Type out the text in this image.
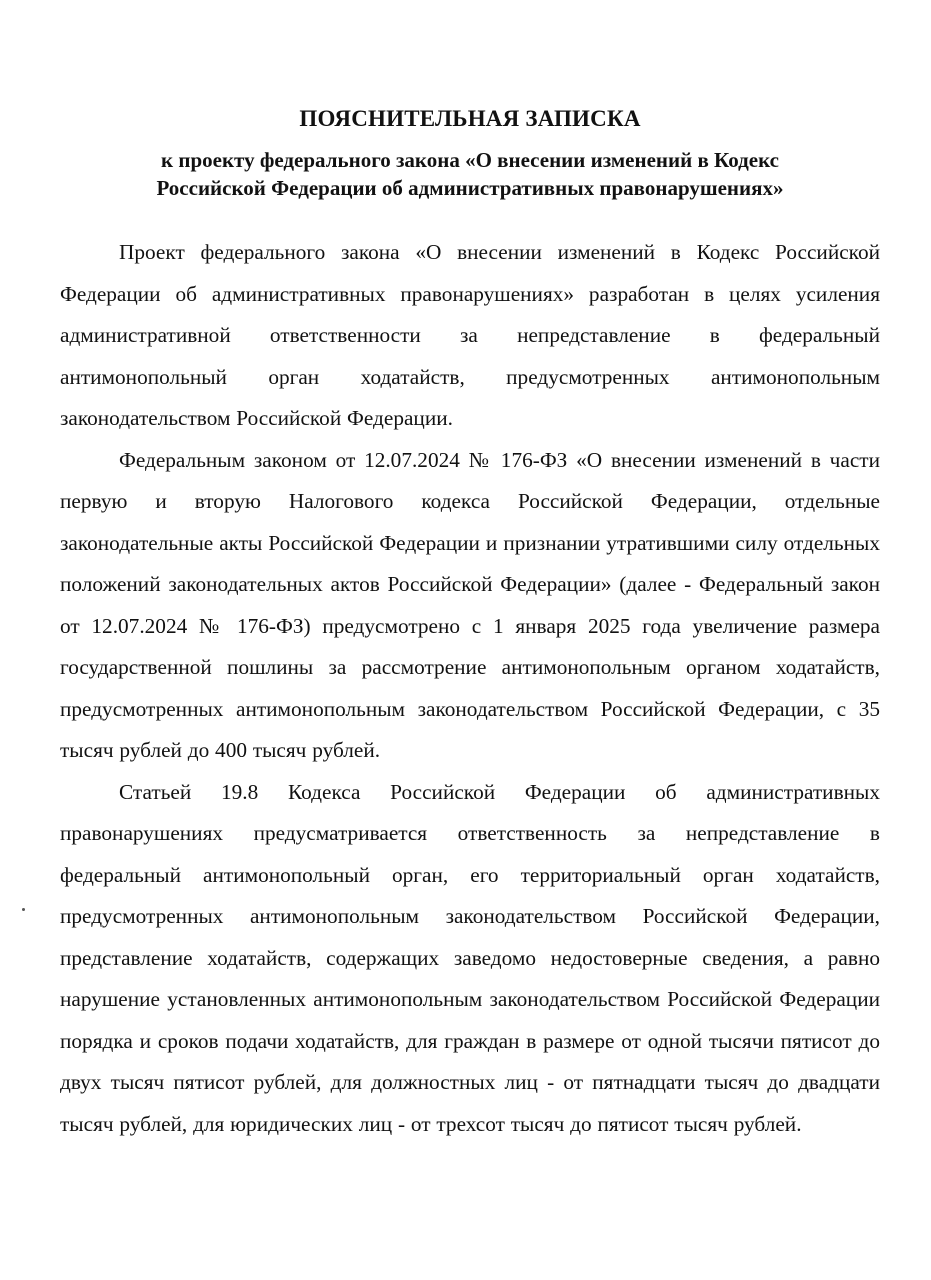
ПОЯСНИТЕЛЬНАЯ ЗАПИСКА
к проекту федерального закона «О внесении изменений в Кодекс
Российской Федерации об административных правонарушениях»

Проект федерального закона «О внесении изменений в Кодекс Российской Федерации об административных правонарушениях» разработан в целях усиления административной ответственности за непредставление в федеральный антимонопольный орган ходатайств, предусмотренных антимонопольным законодательством Российской Федерации.

Федеральным законом от 12.07.2024 № 176-ФЗ «О внесении изменений в части первую и вторую Налогового кодекса Российской Федерации, отдельные законодательные акты Российской Федерации и признании утратившими силу отдельных положений законодательных актов Российской Федерации» (далее - Федеральный закон от 12.07.2024 № 176-ФЗ) предусмотрено с 1 января 2025 года увеличение размера государственной пошлины за рассмотрение антимонопольным органом ходатайств, предусмотренных антимонопольным законодательством Российской Федерации, с 35 тысяч рублей до 400 тысяч рублей.

Статьей 19.8 Кодекса Российской Федерации об административных правонарушениях предусматривается ответственность за непредставление в федеральный антимонопольный орган, его территориальный орган ходатайств, предусмотренных антимонопольным законодательством Российской Федерации, представление ходатайств, содержащих заведомо недостоверные сведения, а равно нарушение установленных антимонопольным законодательством Российской Федерации порядка и сроков подачи ходатайств, для граждан в размере от одной тысячи пятисот до двух тысяч пятисот рублей, для должностных лиц - от пятнадцати тысяч до двадцати тысяч рублей, для юридических лиц - от трехсот тысяч до пятисот тысяч рублей.
